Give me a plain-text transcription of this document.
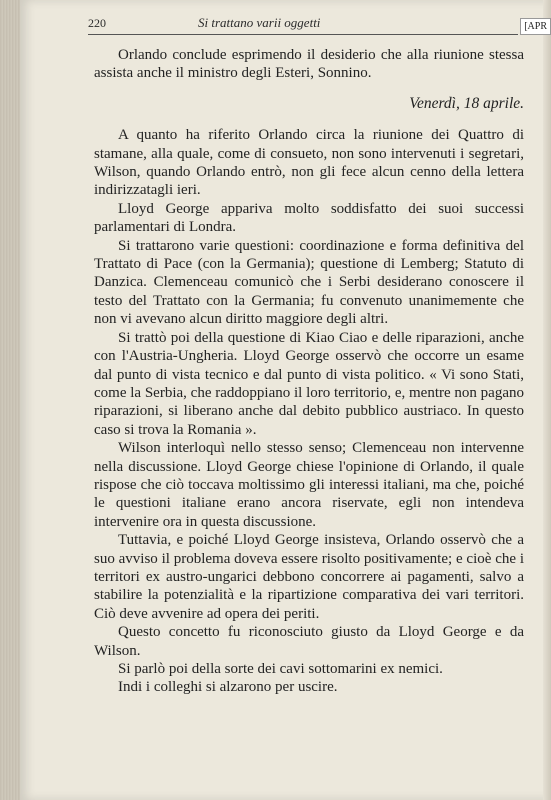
220	Si trattano varii oggetti	[APR

Orlando conclude esprimendo il desiderio che alla riunione stessa assista anche il ministro degli Esteri, Sonnino.

Venerdì, 18 aprile.

A quanto ha riferito Orlando circa la riunione dei Quattro di stamane, alla quale, come di consueto, non sono intervenuti i segretari, Wilson, quando Orlando entrò, non gli fece alcun cenno della lettera indirizzatagli ieri.

Lloyd George appariva molto soddisfatto dei suoi successi parlamentari di Londra.

Si trattarono varie questioni: coordinazione e forma definitiva del Trattato di Pace (con la Germania); questione di Lemberg; Statuto di Danzica. Clemenceau comunicò che i Serbi desiderano conoscere il testo del Trattato con la Germania; fu convenuto unanimemente che non vi avevano alcun diritto maggiore degli altri.

Si trattò poi della questione di Kiao Ciao e delle riparazioni, anche con l'Austria-Ungheria. Lloyd George osservò che occorre un esame dal punto di vista tecnico e dal punto di vista politico. « Vi sono Stati, come la Serbia, che raddoppiano il loro territorio, e, mentre non pagano riparazioni, si liberano anche dal debito pubblico austriaco. In questo caso si trova la Romania ».

Wilson interloquì nello stesso senso; Clemenceau non intervenne nella discussione. Lloyd George chiese l'opinione di Orlando, il quale rispose che ciò toccava moltissimo gli interessi italiani, ma che, poiché le questioni italiane erano ancora riservate, egli non intendeva intervenire ora in questa discussione.

Tuttavia, e poiché Lloyd George insisteva, Orlando osservò che a suo avviso il problema doveva essere risolto positivamente; e cioè che i territori ex austro-ungarici debbono concorrere ai pagamenti, salvo a stabilire la potenzialità e la ripartizione comparativa dei vari territori. Ciò deve avvenire ad opera dei periti.

Questo concetto fu riconosciuto giusto da Lloyd George e da Wilson.

Si parlò poi della sorte dei cavi sottomarini ex nemici.

Indi i colleghi si alzarono per uscire.
